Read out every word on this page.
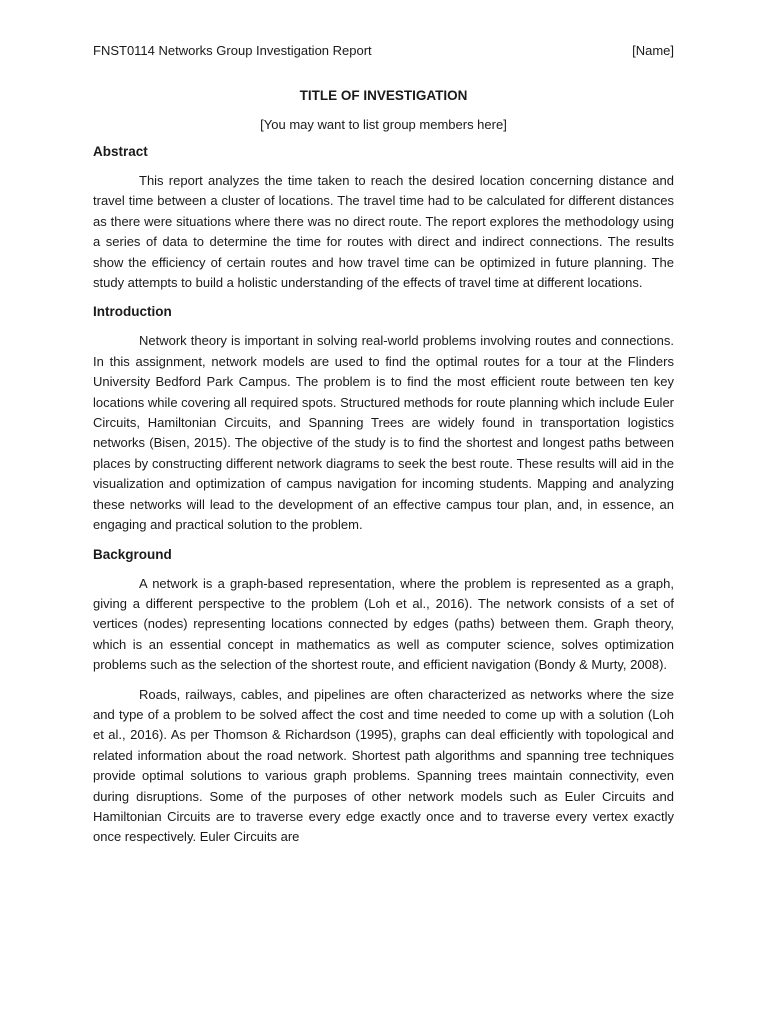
FNST0114 Networks Group Investigation Report	[Name]
TITLE OF INVESTIGATION
[You may want to list group members here]
Abstract

This report analyzes the time taken to reach the desired location concerning distance and travel time between a cluster of locations. The travel time had to be calculated for different distances as there were situations where there was no direct route. The report explores the methodology using a series of data to determine the time for routes with direct and indirect connections. The results show the efficiency of certain routes and how travel time can be optimized in future planning. The study attempts to build a holistic understanding of the effects of travel time at different locations.

Introduction

Network theory is important in solving real-world problems involving routes and connections. In this assignment, network models are used to find the optimal routes for a tour at the Flinders University Bedford Park Campus. The problem is to find the most efficient route between ten key locations while covering all required spots. Structured methods for route planning which include Euler Circuits, Hamiltonian Circuits, and Spanning Trees are widely found in transportation logistics networks (Bisen, 2015). The objective of the study is to find the shortest and longest paths between places by constructing different network diagrams to seek the best route. These results will aid in the visualization and optimization of campus navigation for incoming students. Mapping and analyzing these networks will lead to the development of an effective campus tour plan, and, in essence, an engaging and practical solution to the problem.

Background

A network is a graph-based representation, where the problem is represented as a graph, giving a different perspective to the problem (Loh et al., 2016). The network consists of a set of vertices (nodes) representing locations connected by edges (paths) between them. Graph theory, which is an essential concept in mathematics as well as computer science, solves optimization problems such as the selection of the shortest route, and efficient navigation (Bondy & Murty, 2008).

Roads, railways, cables, and pipelines are often characterized as networks where the size and type of a problem to be solved affect the cost and time needed to come up with a solution (Loh et al., 2016). As per Thomson & Richardson (1995), graphs can deal efficiently with topological and related information about the road network. Shortest path algorithms and spanning tree techniques provide optimal solutions to various graph problems. Spanning trees maintain connectivity, even during disruptions. Some of the purposes of other network models such as Euler Circuits and Hamiltonian Circuits are to traverse every edge exactly once and to traverse every vertex exactly once respectively. Euler Circuits are
